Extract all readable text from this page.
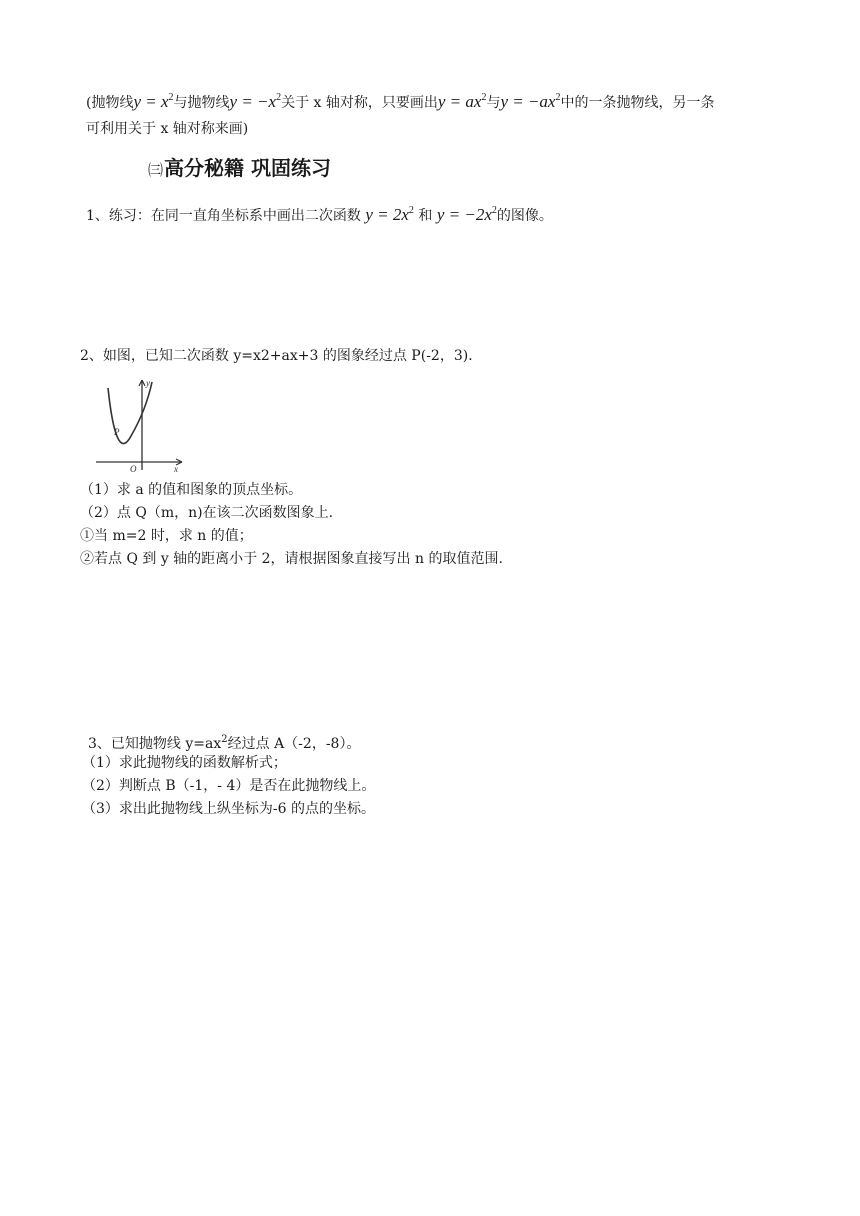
(抛物线$y = x^2$与抛物线$y = -x^2$关于 x 轴对称，只要画出$y = ax^2$与$y = -ax^2$中的一条抛物线，另一条
可利用关于 x 轴对称来画)
㈢高分秘籍 巩固练习
1、练习：在同一直角坐标系中画出二次函数 $y = 2x^2$ 和 $y = -2x^2$的图像。
2、如图，已知二次函数 y=x2+ax+3 的图象经过点 P(-2，3)．
y
x
O
P
（1）求 a 的值和图象的顶点坐标。
（2）点 Q（m，n)在该二次函数图象上.
①当 m=2 时，求 n 的值；
②若点 Q 到 y 轴的距离小于 2，请根据图象直接写出 n 的取值范围.
3、已知抛物线 $y=ax^2$经过点 A（-2，-8）。
（1）求此抛物线的函数解析式；
（2）判断点 B（-1，- 4）是否在此抛物线上。
（3）求出此抛物线上纵坐标为-6 的点的坐标。
